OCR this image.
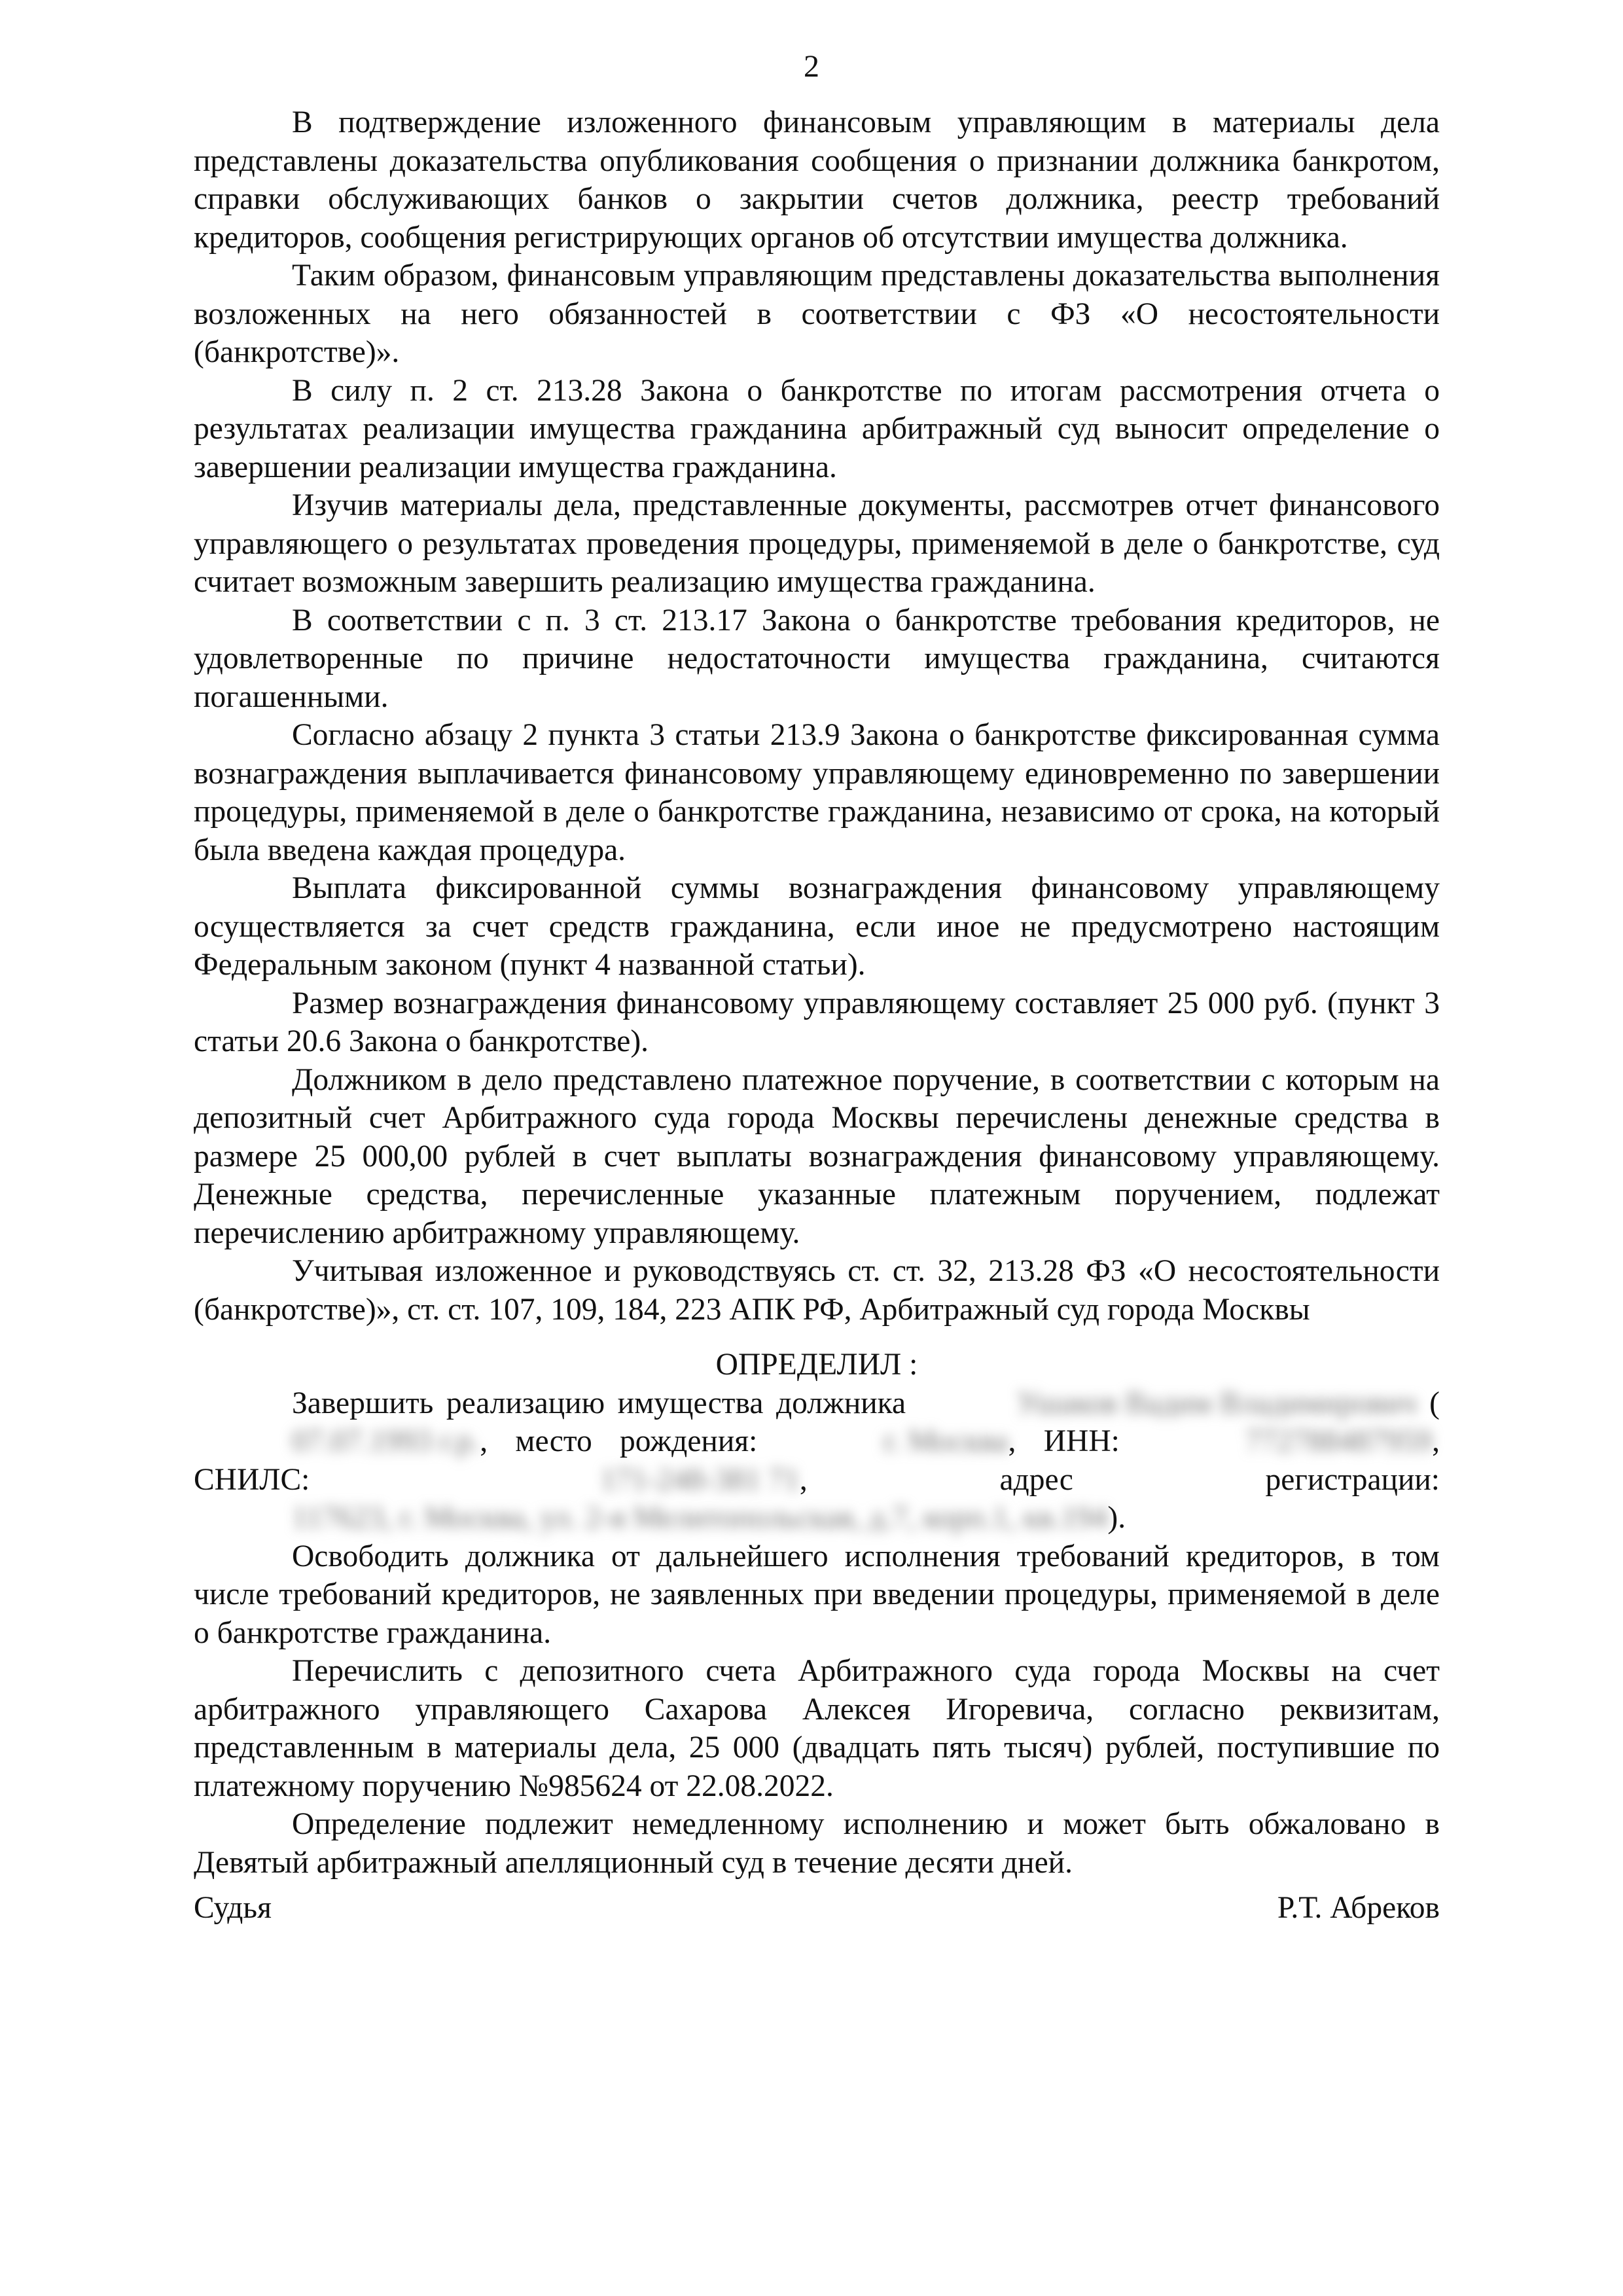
2

В подтверждение изложенного финансовым управляющим в материалы дела представлены доказательства опубликования сообщения о признании должника банкротом, справки обслуживающих банков о закрытии счетов должника, реестр требований кредиторов, сообщения регистрирующих органов об отсутствии имущества должника.

Таким образом, финансовым управляющим представлены доказательства выполнения возложенных на него обязанностей в соответствии с ФЗ «О несостоятельности (банкротстве)».

В силу п. 2 ст. 213.28 Закона о банкротстве по итогам рассмотрения отчета о результатах реализации имущества гражданина арбитражный суд выносит определение о завершении реализации имущества гражданина.

Изучив материалы дела, представленные документы, рассмотрев отчет финансового управляющего о результатах проведения процедуры, применяемой в деле о банкротстве, суд считает возможным завершить реализацию имущества гражданина.

В соответствии с п. 3 ст. 213.17 Закона о банкротстве требования кредиторов, не удовлетворенные по причине недостаточности имущества гражданина, считаются погашенными.

Согласно абзацу 2 пункта 3 статьи 213.9 Закона о банкротстве фиксированная сумма вознаграждения выплачивается финансовому управляющему единовременно по завершении процедуры, применяемой в деле о банкротстве гражданина, независимо от срока, на который была введена каждая процедура.

Выплата фиксированной суммы вознаграждения финансовому управляющему осуществляется за счет средств гражданина, если иное не предусмотрено настоящим Федеральным законом (пункт 4 названной статьи).

Размер вознаграждения финансовому управляющему составляет 25 000 руб. (пункт 3 статьи 20.6 Закона о банкротстве).

Должником в дело представлено платежное поручение, в соответствии с которым на депозитный счет Арбитражного суда города Москвы перечислены денежные средства в размере 25 000,00 рублей в счет выплаты вознаграждения финансовому управляющему. Денежные средства, перечисленные указанные платежным поручением, подлежат перечислению арбитражному управляющему.

Учитывая изложенное и руководствуясь ст. ст. 32, 213.28 ФЗ «О несостоятельности (банкротстве)», ст. ст. 107, 109, 184, 223 АПК РФ, Арбитражный суд города Москвы

ОПРЕДЕЛИЛ :

Завершить реализацию имущества должника	Ушаков Вадим Владимирович (07.07.1993 г.р., место рождения:	г. Москва, ИНН:	772788487959, СНИЛС:	171-248-381 71, адрес регистрации: 117623, г. Москва, ул. 2-я Мелитопольская, д.7, корп.1, кв.194).

Освободить должника от дальнейшего исполнения требований кредиторов, в том числе требований кредиторов, не заявленных при введении процедуры, применяемой в деле о банкротстве гражданина.

Перечислить с депозитного счета Арбитражного суда города Москвы на счет арбитражного управляющего Сахарова Алексея Игоревича, согласно реквизитам, представленным в материалы дела, 25 000 (двадцать пять тысяч) рублей, поступившие по платежному поручению №985624 от 22.08.2022.

Определение подлежит немедленному исполнению и может быть обжаловано в Девятый арбитражный апелляционный суд в течение десяти дней.

Судья	Р.Т. Абреков
